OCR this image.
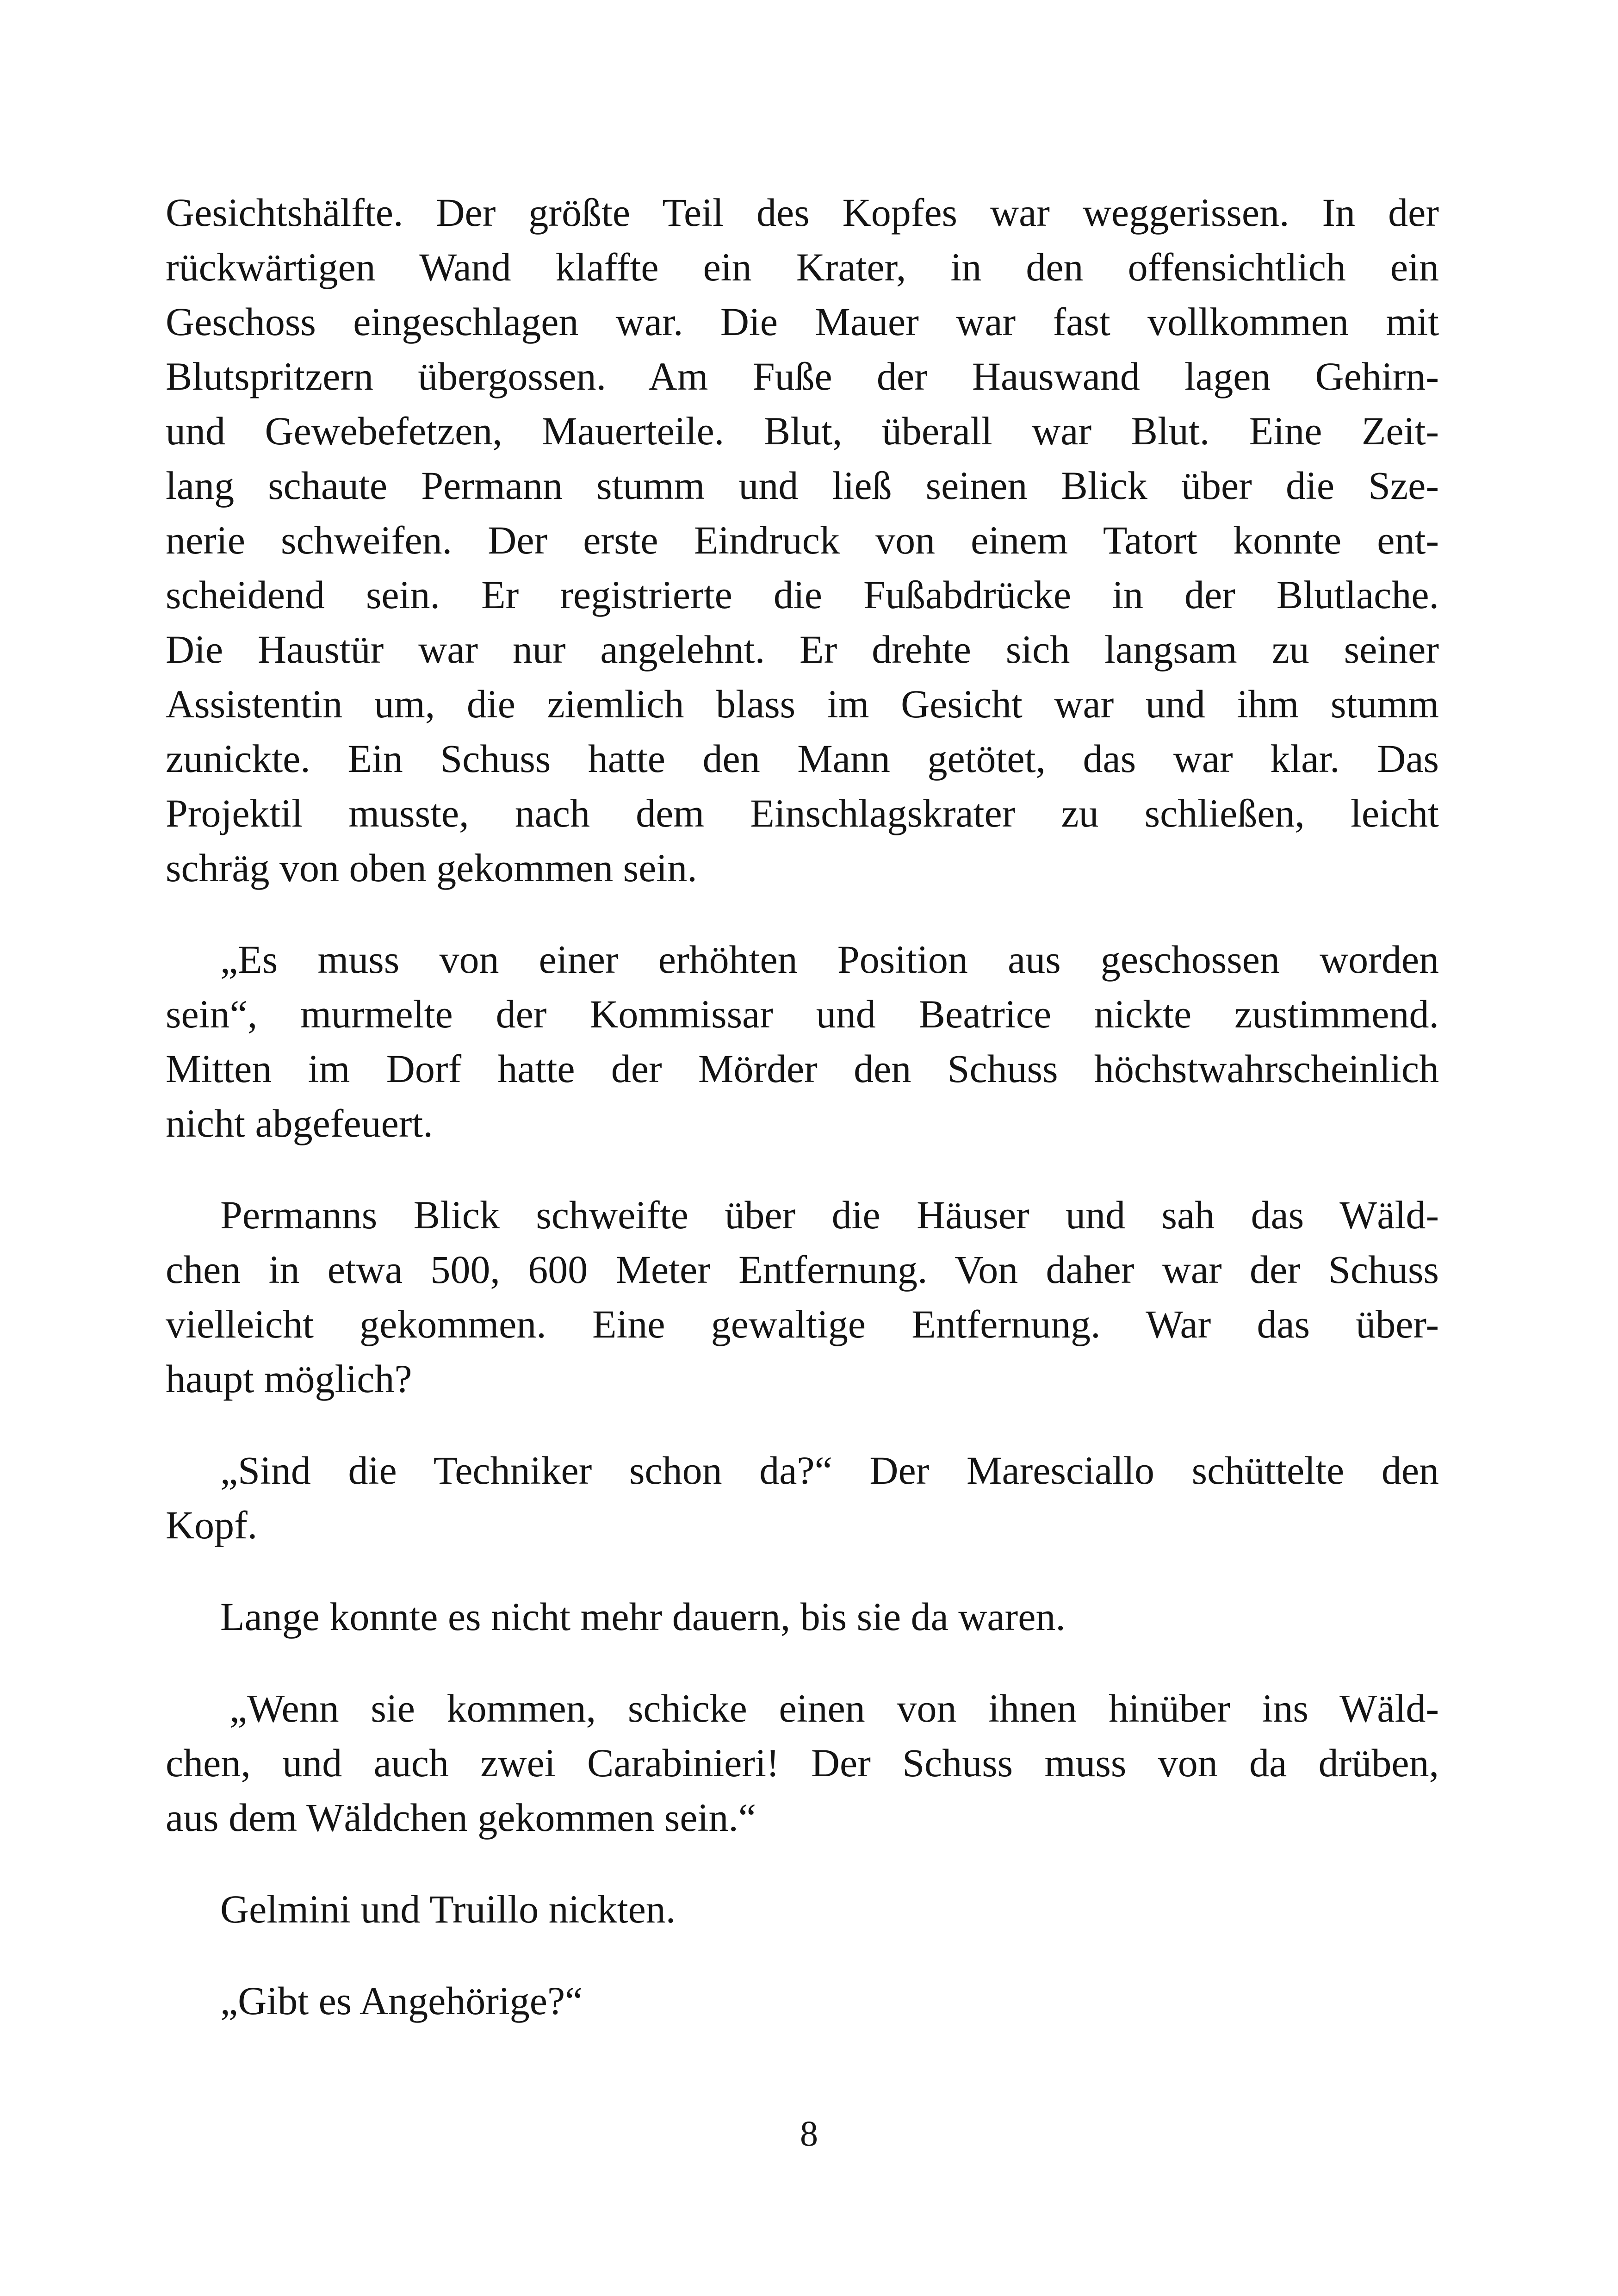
Gesichtshälfte. Der größte Teil des Kopfes war weggerissen. In der
rückwärtigen Wand klaffte ein Krater, in den offensichtlich ein
Geschoss eingeschlagen war. Die Mauer war fast vollkommen mit
Blutspritzern übergossen. Am Fuße der Hauswand lagen Gehirn-
und Gewebefetzen, Mauerteile. Blut, überall war Blut. Eine Zeit-
lang schaute Permann stumm und ließ seinen Blick über die Sze-
nerie schweifen. Der erste Eindruck von einem Tatort konnte ent-
scheidend sein. Er registrierte die Fußabdrücke in der Blutlache.
Die Haustür war nur angelehnt. Er drehte sich langsam zu seiner
Assistentin um, die ziemlich blass im Gesicht war und ihm stumm
zunickte. Ein Schuss hatte den Mann getötet, das war klar. Das
Projektil musste, nach dem Einschlagskrater zu schließen, leicht
schräg von oben gekommen sein.
„Es muss von einer erhöhten Position aus geschossen worden
sein“, murmelte der Kommissar und Beatrice nickte zustimmend.
Mitten im Dorf hatte der Mörder den Schuss höchstwahrscheinlich
nicht abgefeuert.
Permanns Blick schweifte über die Häuser und sah das Wäld-
chen in etwa 500, 600 Meter Entfernung. Von daher war der Schuss
vielleicht gekommen. Eine gewaltige Entfernung. War das über-
haupt möglich?
„Sind die Techniker schon da?“ Der Maresciallo schüttelte den
Kopf.
Lange konnte es nicht mehr dauern, bis sie da waren.
„Wenn sie kommen, schicke einen von ihnen hinüber ins Wäld-
chen, und auch zwei Carabinieri! Der Schuss muss von da drüben,
aus dem Wäldchen gekommen sein.“
Gelmini und Truillo nickten.
„Gibt es Angehörige?“
8
